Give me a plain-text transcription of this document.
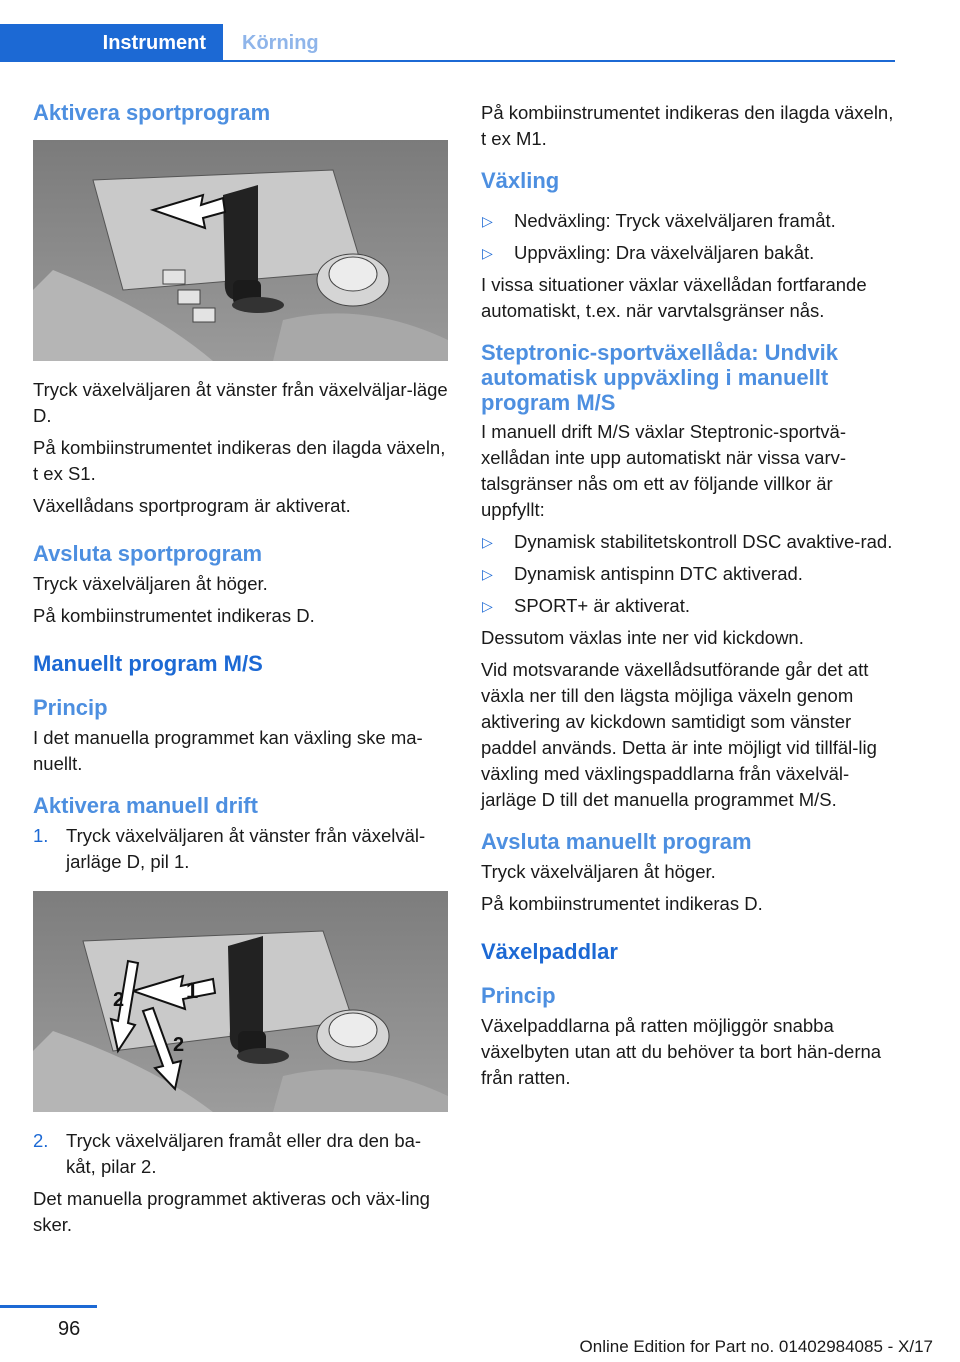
Instrument	Körning
Aktivera sportprogram

Tryck växelväljaren åt vänster från växelväljar‐läge D.

På kombiinstrumentet indikeras den ilagda växeln, t ex S1.

Växellådans sportprogram är aktiverat.

Avsluta sportprogram

Tryck växelväljaren åt höger.

På kombiinstrumentet indikeras D.

Manuellt program M/S
Princip

I det manuella programmet kan växling ske ma‐nuellt.

Aktivera manuell drift
1. Tryck växelväljaren åt vänster från växelväl‐jarläge D, pil 1.
1
2
2
2. Tryck växelväljaren framåt eller dra den ba‐kåt, pilar 2.

Det manuella programmet aktiveras och väx‐ling sker.

På kombiinstrumentet indikeras den ilagda växeln, t ex M1.

Växling
▷ Nedväxling: Tryck växelväljaren framåt.
▷ Uppväxling: Dra växelväljaren bakåt.

I vissa situationer växlar växellådan fortfarande automatiskt, t.ex. när varvtalsgränser nås.

Steptronic-sportväxellåda: Undvik automatisk uppväxling i manuellt program M/S

I manuell drift M/S växlar Steptronic-sportvä‐xellådan inte upp automatiskt när vissa varv‐talsgränser nås om ett av följande villkor är uppfyllt:

▷ Dynamisk stabilitetskontroll DSC avaktive‐rad.
▷ Dynamisk antispinn DTC aktiverad.
▷ SPORT+ är aktiverat.

Dessutom växlas inte ner vid kickdown.

Vid motsvarande växellådsutförande går det att växla ner till den lägsta möjliga växeln genom aktivering av kickdown samtidigt som vänster paddel används. Detta är inte möjligt vid tillfäl‐lig växling med växlingspaddlarna från växelväl‐jarläge D till det manuella programmet M/S.

Avsluta manuellt program

Tryck växelväljaren åt höger.

På kombiinstrumentet indikeras D.

Växelpaddlar
Princip

Växelpaddlarna på ratten möjliggör snabba växelbyten utan att du behöver ta bort hän‐derna från ratten.

96
Online Edition for Part no. 01402984085 - X/17
